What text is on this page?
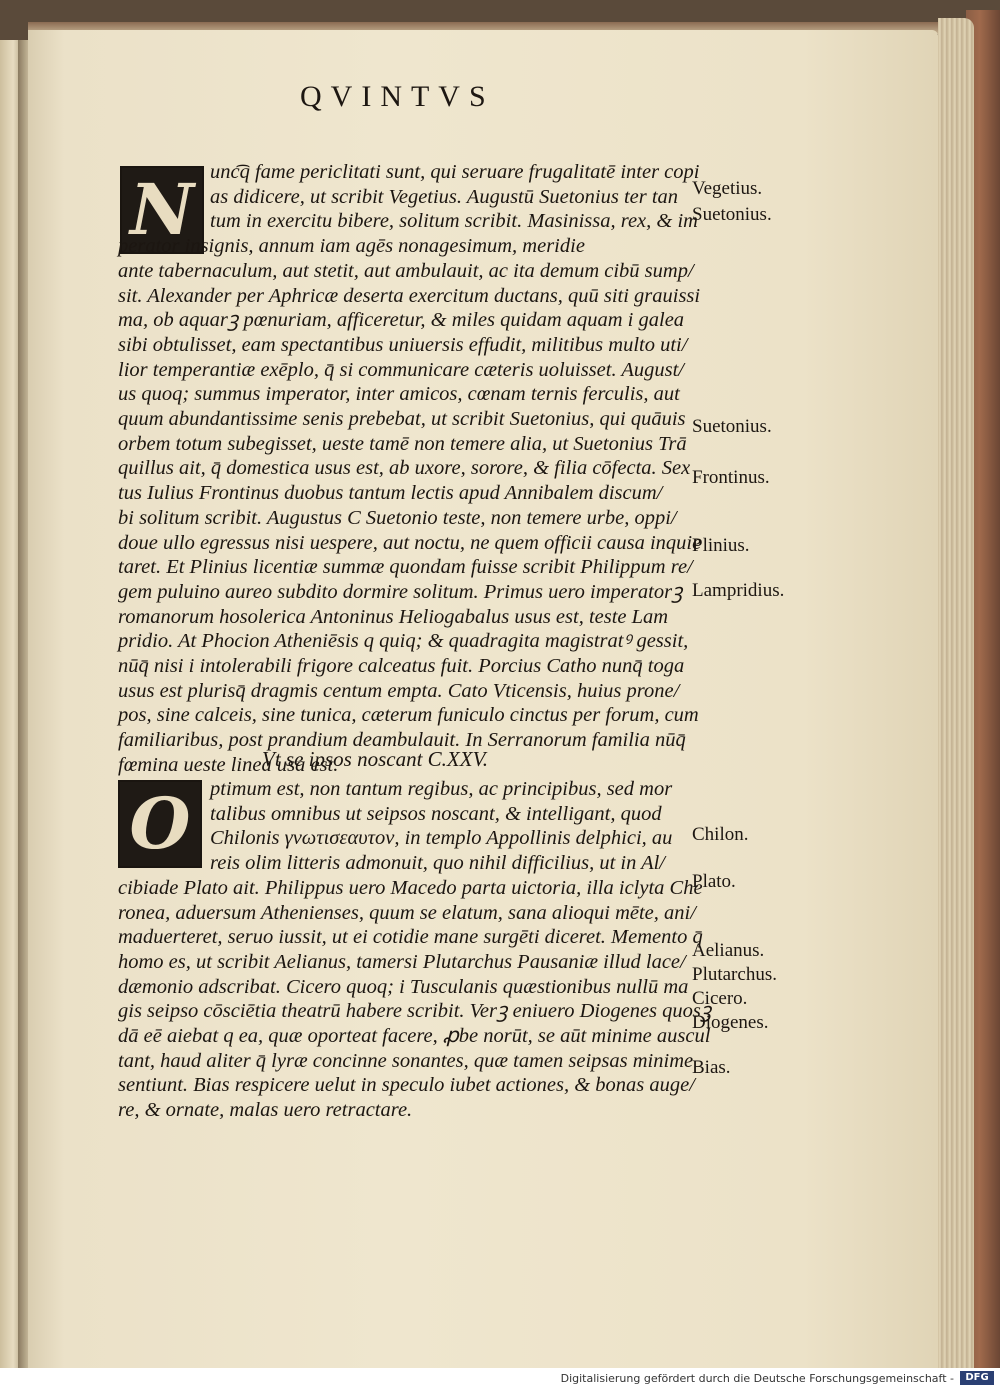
QVINTVS
N unc͡q fame periclitati sunt, qui seruare frugalitatē inter copi
as didicere, ut scribit Vegetius. Augustū Suetonius ter tan
tum in exercitu bibere, solitum scribit. Masinissa, rex, & im
perator insignis, annum iam agēs nonagesimum, meridie
ante tabernaculum, aut stetit, aut ambulauit, ac ita demum cibū sump/
sit. Alexander per Aphricæ deserta exercitum ductans, quū siti grauissi
ma, ob aquarꝫ pœnuriam, afficeretur, & miles quidam aquam i galea
sibi obtulisset, eam spectantibus uniuersis effudit, militibus multo uti/
lior temperantiæ exēplo, q̄ si communicare cæteris uoluisset. August/
us quoq; summus imperator, inter amicos, cœnam ternis ferculis, aut
quum abundantissime senis prebebat, ut scribit Suetonius, qui quāuis
orbem totum subegisset, ueste tamē non temere alia, ut Suetonius Trā
quillus ait, q̄ domestica usus est, ab uxore, sorore, & filia cōfecta. Sex
tus Iulius Frontinus duobus tantum lectis apud Annibalem discum/
bi solitum scribit. Augustus C Suetonio teste, non temere urbe, oppi/
doue ullo egressus nisi uespere, aut noctu, ne quem officii causa inquie
taret. Et Plinius licentiæ summæ quondam fuisse scribit Philippum re/
gem puluino aureo subdito dormire solitum. Primus uero imperatorꝫ
romanorum hosolerica Antoninus Heliogabalus usus est, teste Lam
pridio. At Phocion Atheniēsis q quiq; & quadragita magistratꝰ gessit,
nūq̄ nisi i intolerabili frigore calceatus fuit. Porcius Catho nunq̄ toga
usus est plurisq̄ dragmis centum empta. Cato Vticensis, huius prone/
pos, sine calceis, sine tunica, cæterum funiculo cinctus per forum, cum
familiaribus, post prandium deambulauit. In Serranorum familia nūq̄
fœmina ueste linea usa est.
Vt se ipsos noscant C.XXV.
O ptimum est, non tantum regibus, ac principibus, sed mor
talibus omnibus ut seipsos noscant, & intelligant, quod
Chilonis γνωτισεαυτον, in templo Appollinis delphici, au
reis olim litteris admonuit, quo nihil difficilius, ut in Al/
cibiade Plato ait. Philippus uero Macedo parta uictoria, illa iclyta Che
ronea, aduersum Athenienses, quum se elatum, sana alioqui mēte, ani/
maduerteret, seruo iussit, ut ei cotidie mane surgēti diceret. Memento q̄
homo es, ut scribit Aelianus, tamersi Plutarchus Pausaniæ illud lace/
dæmonio adscribat. Cicero quoq; i Tusculanis quæstionibus nullū ma
gis seipso cōsciētia theatrū habere scribit. Verꝫ eniuero Diogenes quosꝫ
dā eē aiebat q ea, quæ oporteat facere, ꝓbe norūt, se aūt minime auscul
tant, haud aliter q̄ lyræ concinne sonantes, quæ tamen seipsas minime
sentiunt. Bias respicere uelut in speculo iubet actiones, & bonas auge/
re, & ornate, malas uero retractare.
Vegetius.
Suetonius.
Suetonius.
Frontinus.
Plinius.
Lampridius.
Chilon.
Plato.
Aelianus.
Plutarchus.
Cicero.
Diogenes.
Bias.
Digitalisierung gefördert durch die Deutsche Forschungsgemeinschaft -	DFG
